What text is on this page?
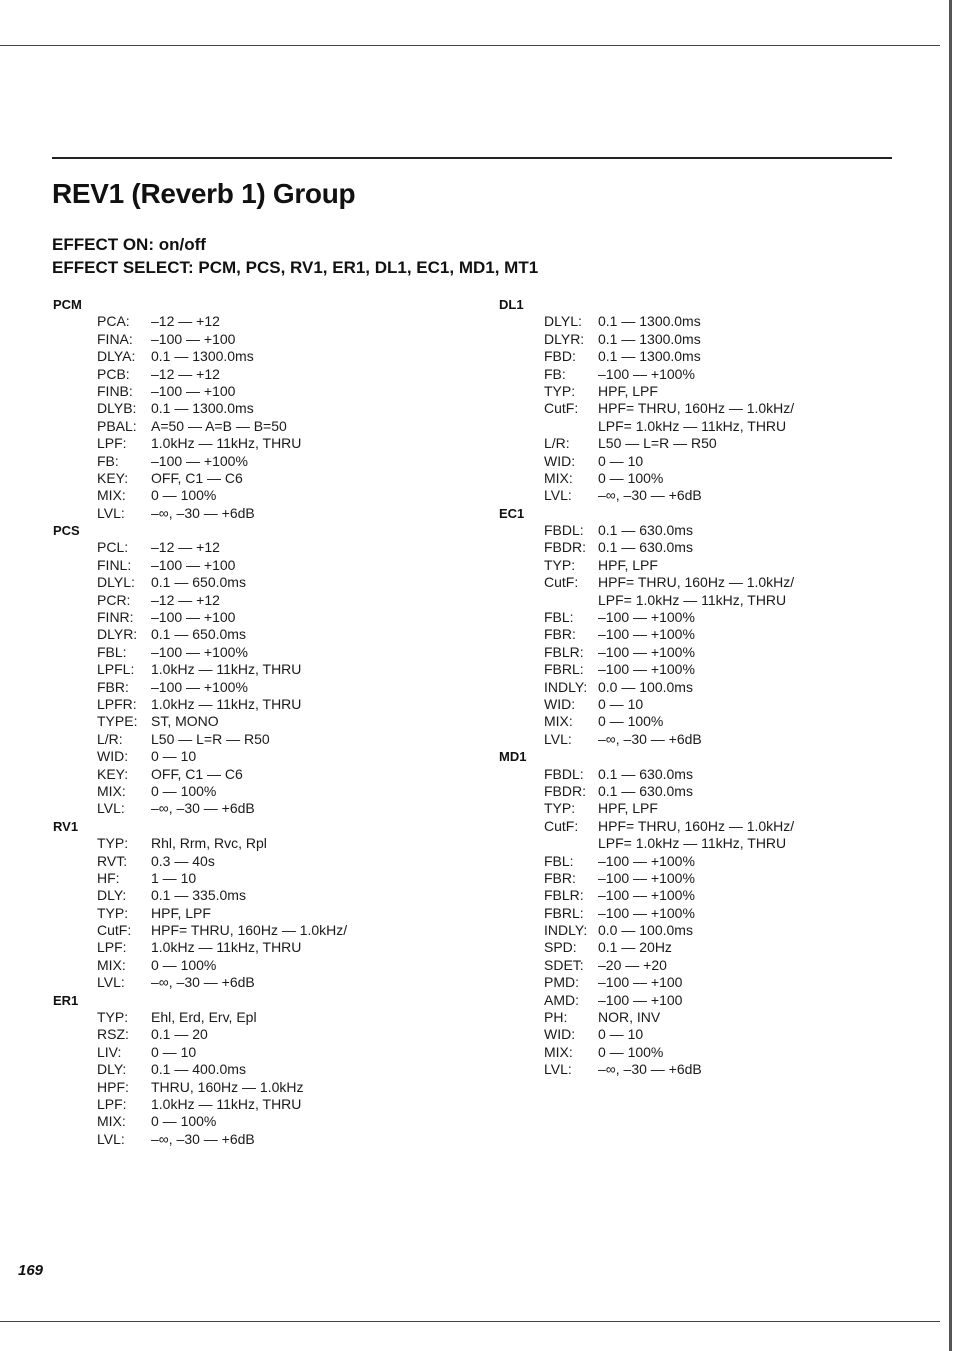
REV1 (Reverb 1) Group
EFFECT ON: on/off
EFFECT SELECT: PCM, PCS, RV1, ER1, DL1, EC1, MD1, MT1
PCM
PCA:	–12 — +12
FINA:	–100 — +100
DLYA:	0.1 — 1300.0ms
PCB:	–12 — +12
FINB:	–100 — +100
DLYB:	0.1 — 1300.0ms
PBAL:	A=50 — A=B — B=50
LPF:	1.0kHz — 11kHz, THRU
FB:	–100 — +100%
KEY:	OFF, C1 — C6
MIX:	0 — 100%
LVL:	–∞, –30 — +6dB
PCS
PCL:	–12 — +12
FINL:	–100 — +100
DLYL:	0.1 — 650.0ms
PCR:	–12 — +12
FINR:	–100 — +100
DLYR: 0.1 — 650.0ms
FBL:	–100 — +100%
LPFL:	1.0kHz — 11kHz, THRU
FBR:	–100 — +100%
LPFR:	1.0kHz — 11kHz, THRU
TYPE: ST, MONO
L/R:	L50 — L=R — R50
WID:	0 — 10
KEY:	OFF, C1 — C6
MIX:	0 — 100%
LVL:	–∞, –30 — +6dB
RV1
TYP:	Rhl, Rrm, Rvc, Rpl
RVT:	0.3 — 40s
HF:	1 — 10
DLY:	0.1 — 335.0ms
TYP:	HPF, LPF
CutF:	HPF= THRU, 160Hz — 1.0kHz/
LPF:	1.0kHz — 11kHz, THRU
MIX:	0 — 100%
LVL:	–∞, –30 — +6dB
ER1
TYP:	Ehl, Erd, Erv, Epl
RSZ:	0.1 — 20
LIV:	0 — 10
DLY:	0.1 — 400.0ms
HPF:	THRU, 160Hz — 1.0kHz
LPF:	1.0kHz — 11kHz, THRU
MIX:	0 — 100%
LVL:	–∞, –30 — +6dB
DL1
DLYL:	0.1 — 1300.0ms
DLYR: 0.1 — 1300.0ms
FBD:	0.1 — 1300.0ms
FB:	–100 — +100%
TYP:	HPF, LPF
CutF:	HPF= THRU, 160Hz — 1.0kHz/
LPF= 1.0kHz — 11kHz, THRU
L/R:	L50 — L=R — R50
WID:	0 — 10
MIX:	0 — 100%
LVL:	–∞, –30 — +6dB
EC1
FBDL:	0.1 — 630.0ms
FBDR: 0.1 — 630.0ms
TYP:	HPF, LPF
CutF:	HPF= THRU, 160Hz — 1.0kHz/
LPF= 1.0kHz — 11kHz, THRU
FBL:	–100 — +100%
FBR:	–100 — +100%
FBLR:	–100 — +100%
FBRL:	–100 — +100%
INDLY: 0.0 — 100.0ms
WID:	0 — 10
MIX:	0 — 100%
LVL:	–∞, –30 — +6dB
MD1
FBDL:	0.1 — 630.0ms
FBDR: 0.1 — 630.0ms
TYP:	HPF, LPF
CutF:	HPF= THRU, 160Hz — 1.0kHz/
LPF= 1.0kHz — 11kHz, THRU
FBL:	–100 — +100%
FBR:	–100 — +100%
FBLR:	–100 — +100%
FBRL:	–100 — +100%
INDLY: 0.0 — 100.0ms
SPD:	0.1 — 20Hz
SDET:	–20 — +20
PMD:	–100 — +100
AMD:	–100 — +100
PH:	NOR, INV
WID:	0 — 10
MIX:	0 — 100%
LVL:	–∞, –30 — +6dB

169
